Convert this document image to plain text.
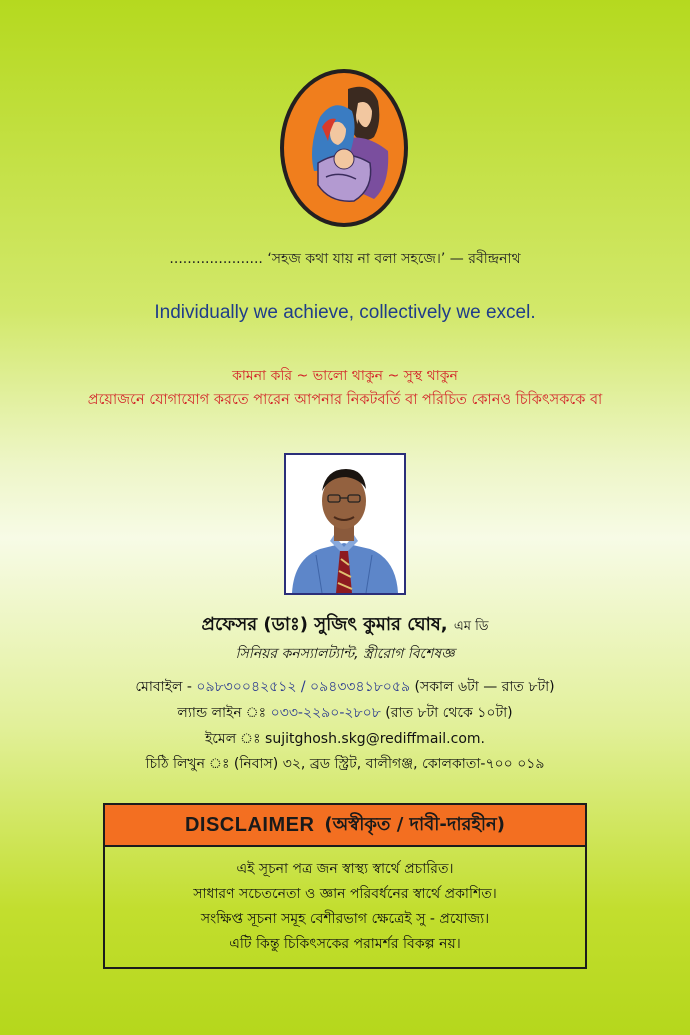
..................... ‘সহজ কথা যায় না বলা সহজে।’ — রবীন্দ্রনাথ
Individually we achieve, collectively we excel.
কামনা করি ~ ভালো থাকুন ~ সুস্থ থাকুন
প্রয়োজনে যোগাযোগ করতে পারেন আপনার নিকটবর্তি বা পরিচিত কোনও চিকিৎসককে বা
প্রফেসর (ডাঃ) সুজিৎ কুমার ঘোষ, এম ডি
সিনিয়র কনস্যালট্যান্ট, স্ত্রীরোগ বিশেষজ্ঞ
মোবাইল - ০৯৮৩০০৪২৫১২ / ০৯৪৩৩৪১৮০৫৯ (সকাল ৬টা — রাত ৮টা)
ল্যান্ড লাইন ঃ ০৩৩-২২৯০-২৮০৮ (রাত ৮টা থেকে ১০টা)
ইমেল ঃ sujitghosh.skg@rediffmail.com.
চিঠি লিখুন ঃ (নিবাস) ৩২, ব্রড স্ট্রিট, বালীগঞ্জ, কোলকাতা-৭০০ ০১৯
DISCLAIMER (অস্বীকৃত / দাবী-দারহীন)
এই সূচনা পত্র জন স্বাস্থ্য স্বার্থে প্রচারিত।
সাধারণ সচেতনেতা ও জ্ঞান পরিবর্ধনের স্বার্থে প্রকাশিত।
সংক্ষিপ্ত সূচনা সমূহ বেশীরভাগ ক্ষেত্রেই সু - প্রযোজ্য।
এটি কিন্তু চিকিৎসকের পরামর্শর বিকল্প নয়।
